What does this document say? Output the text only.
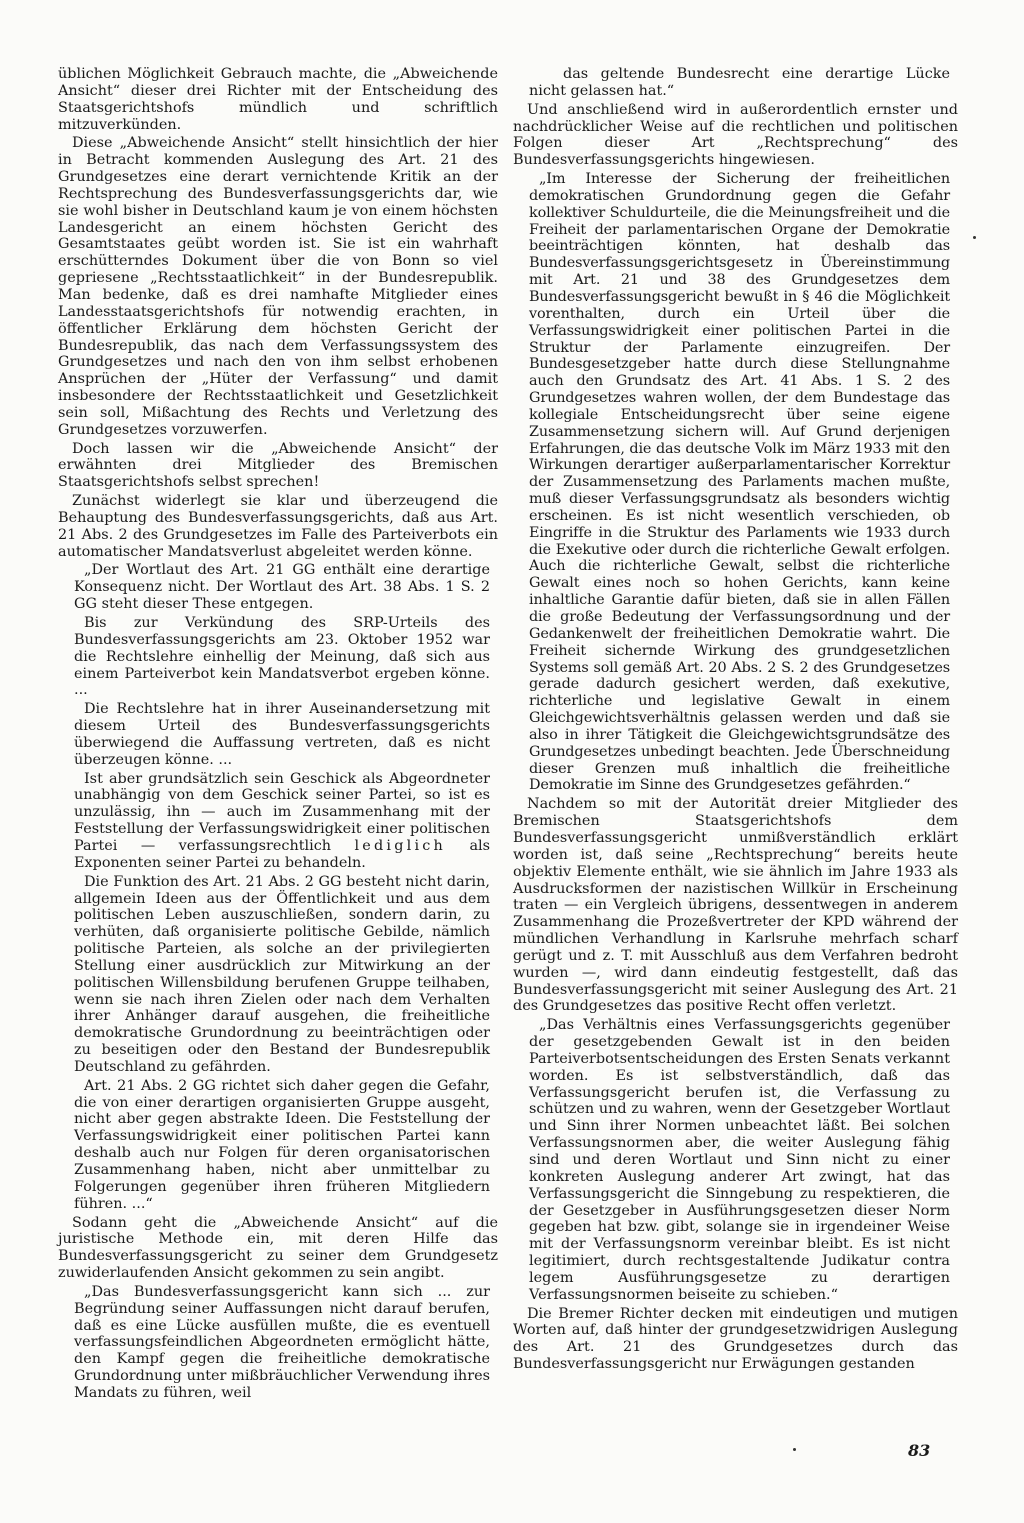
üblichen Möglichkeit Gebrauch machte, die „Abweichende Ansicht“ dieser drei Richter mit der Entscheidung des Staatsgerichtshofs mündlich und schriftlich mitzuverkünden.

Diese „Abweichende Ansicht“ stellt hinsichtlich der hier in Betracht kommenden Auslegung des Art. 21 des Grundgesetzes eine derart vernichtende Kritik an der Rechtsprechung des Bundesverfassungsgerichts dar, wie sie wohl bisher in Deutschland kaum je von einem höchsten Landesgericht an einem höchsten Gericht des Gesamtstaates geübt worden ist. Sie ist ein wahrhaft erschütterndes Dokument über die von Bonn so viel gepriesene „Rechtsstaatlichkeit“ in der Bundesrepublik. Man bedenke, daß es drei namhafte Mitglieder eines Landesstaatsgerichtshofs für notwendig erachten, in öffentlicher Erklärung dem höchsten Gericht der Bundesrepublik, das nach dem Verfassungssystem des Grundgesetzes und nach den von ihm selbst erhobenen Ansprüchen der „Hüter der Verfassung“ und damit insbesondere der Rechtsstaatlichkeit und Gesetzlichkeit sein soll, Mißachtung des Rechts und Verletzung des Grundgesetzes vorzuwerfen.

Doch lassen wir die „Abweichende Ansicht“ der erwähnten drei Mitglieder des Bremischen Staatsgerichtshofs selbst sprechen!

Zunächst widerlegt sie klar und überzeugend die Behauptung des Bundesverfassungsgerichts, daß aus Art. 21 Abs. 2 des Grundgesetzes im Falle des Parteiverbots ein automatischer Mandatsverlust abgeleitet werden könne.

„Der Wortlaut des Art. 21 GG enthält eine derartige Konsequenz nicht. Der Wortlaut des Art. 38 Abs. 1 S. 2 GG steht dieser These entgegen.

Bis zur Verkündung des SRP-Urteils des Bundesverfassungsgerichts am 23. Oktober 1952 war die Rechtslehre einhellig der Meinung, daß sich aus einem Parteiverbot kein Mandatsverbot ergeben könne. ...

Die Rechtslehre hat in ihrer Auseinandersetzung mit diesem Urteil des Bundesverfassungsgerichts überwiegend die Auffassung vertreten, daß es nicht überzeugen könne. ...

Ist aber grundsätzlich sein Geschick als Abgeordneter unabhängig von dem Geschick seiner Partei, so ist es unzulässig, ihn — auch im Zusammenhang mit der Feststellung der Verfassungswidrigkeit einer politischen Partei — verfassungsrechtlich lediglich als Exponenten seiner Partei zu behandeln.

Die Funktion des Art. 21 Abs. 2 GG besteht nicht darin, allgemein Ideen aus der Öffentlichkeit und aus dem politischen Leben auszuschließen, sondern darin, zu verhüten, daß organisierte politische Gebilde, nämlich politische Parteien, als solche an der privilegierten Stellung einer ausdrücklich zur Mitwirkung an der politischen Willensbildung berufenen Gruppe teilhaben, wenn sie nach ihren Zielen oder nach dem Verhalten ihrer Anhänger darauf ausgehen, die freiheitliche demokratische Grundordnung zu beeinträchtigen oder zu beseitigen oder den Bestand der Bundesrepublik Deutschland zu gefährden.

Art. 21 Abs. 2 GG richtet sich daher gegen die Gefahr, die von einer derartigen organisierten Gruppe ausgeht, nicht aber gegen abstrakte Ideen. Die Feststellung der Verfassungswidrigkeit einer politischen Partei kann deshalb auch nur Folgen für deren organisatorischen Zusammenhang haben, nicht aber unmittelbar zu Folgerungen gegenüber ihren früheren Mitgliedern führen. ...“

Sodann geht die „Abweichende Ansicht“ auf die juristische Methode ein, mit deren Hilfe das Bundesverfassungsgericht zu seiner dem Grundgesetz zuwiderlaufenden Ansicht gekommen zu sein angibt.

„Das Bundesverfassungsgericht kann sich ... zur Begründung seiner Auffassungen nicht darauf berufen, daß es eine Lücke ausfüllen mußte, die es eventuell verfassungsfeindlichen Abgeordneten ermöglicht hätte, den Kampf gegen die freiheitliche demokratische Grundordnung unter mißbräuchlicher Verwendung ihres Mandats zu führen, weil

das geltende Bundesrecht eine derartige Lücke nicht gelassen hat.“

Und anschließend wird in außerordentlich ernster und nachdrücklicher Weise auf die rechtlichen und politischen Folgen dieser Art „Rechtsprechung“ des Bundesverfassungsgerichts hingewiesen.

„Im Interesse der Sicherung der freiheitlichen demokratischen Grundordnung gegen die Gefahr kollektiver Schuldurteile, die die Meinungsfreiheit und die Freiheit der parlamentarischen Organe der Demokratie beeinträchtigen könnten, hat deshalb das Bundesverfassungsgerichtsgesetz in Übereinstimmung mit Art. 21 und 38 des Grundgesetzes dem Bundesverfassungsgericht bewußt in § 46 die Möglichkeit vorenthalten, durch ein Urteil über die Verfassungswidrigkeit einer politischen Partei in die Struktur der Parlamente einzugreifen. Der Bundesgesetzgeber hatte durch diese Stellungnahme auch den Grundsatz des Art. 41 Abs. 1 S. 2 des Grundgesetzes wahren wollen, der dem Bundestage das kollegiale Entscheidungsrecht über seine eigene Zusammensetzung sichern will. Auf Grund derjenigen Erfahrungen, die das deutsche Volk im März 1933 mit den Wirkungen derartiger außerparlamentarischer Korrektur der Zusammensetzung des Parlaments machen mußte, muß dieser Verfassungsgrundsatz als besonders wichtig erscheinen. Es ist nicht wesentlich verschieden, ob Eingriffe in die Struktur des Parlaments wie 1933 durch die Exekutive oder durch die richterliche Gewalt erfolgen. Auch die richterliche Gewalt, selbst die richterliche Gewalt eines noch so hohen Gerichts, kann keine inhaltliche Garantie dafür bieten, daß sie in allen Fällen die große Bedeutung der Verfassungsordnung und der Gedankenwelt der freiheitlichen Demokratie wahrt. Die Freiheit sichernde Wirkung des grundgesetzlichen Systems soll gemäß Art. 20 Abs. 2 S. 2 des Grundgesetzes gerade dadurch gesichert werden, daß exekutive, richterliche und legislative Gewalt in einem Gleichgewichtsverhältnis gelassen werden und daß sie also in ihrer Tätigkeit die Gleichgewichtsgrundsätze des Grundgesetzes unbedingt beachten. Jede Überschneidung dieser Grenzen muß inhaltlich die freiheitliche Demokratie im Sinne des Grundgesetzes gefährden.“

Nachdem so mit der Autorität dreier Mitglieder des Bremischen Staatsgerichtshofs dem Bundesverfassungsgericht unmißverständlich erklärt worden ist, daß seine „Rechtsprechung“ bereits heute objektiv Elemente enthält, wie sie ähnlich im Jahre 1933 als Ausdrucksformen der nazistischen Willkür in Erscheinung traten — ein Vergleich übrigens, dessentwegen in anderem Zusammenhang die Prozeßvertreter der KPD während der mündlichen Verhandlung in Karlsruhe mehrfach scharf gerügt und z. T. mit Ausschluß aus dem Verfahren bedroht wurden —, wird dann eindeutig festgestellt, daß das Bundesverfassungsgericht mit seiner Auslegung des Art. 21 des Grundgesetzes das positive Recht offen verletzt.

„Das Verhältnis eines Verfassungsgerichts gegenüber der gesetzgebenden Gewalt ist in den beiden Parteiverbotsentscheidungen des Ersten Senats verkannt worden. Es ist selbstverständlich, daß das Verfassungsgericht berufen ist, die Verfassung zu schützen und zu wahren, wenn der Gesetzgeber Wortlaut und Sinn ihrer Normen unbeachtet läßt. Bei solchen Verfassungsnormen aber, die weiter Auslegung fähig sind und deren Wortlaut und Sinn nicht zu einer konkreten Auslegung anderer Art zwingt, hat das Verfassungsgericht die Sinngebung zu respektieren, die der Gesetzgeber in Ausführungsgesetzen dieser Norm gegeben hat bzw. gibt, solange sie in irgendeiner Weise mit der Verfassungsnorm vereinbar bleibt. Es ist nicht legitimiert, durch rechtsgestaltende Judikatur contra legem Ausführungsgesetze zu derartigen Verfassungsnormen beiseite zu schieben.“

Die Bremer Richter decken mit eindeutigen und mutigen Worten auf, daß hinter der grundgesetzwidrigen Auslegung des Art. 21 des Grundgesetzes durch das Bundesverfassungsgericht nur Erwägungen gestanden

83
